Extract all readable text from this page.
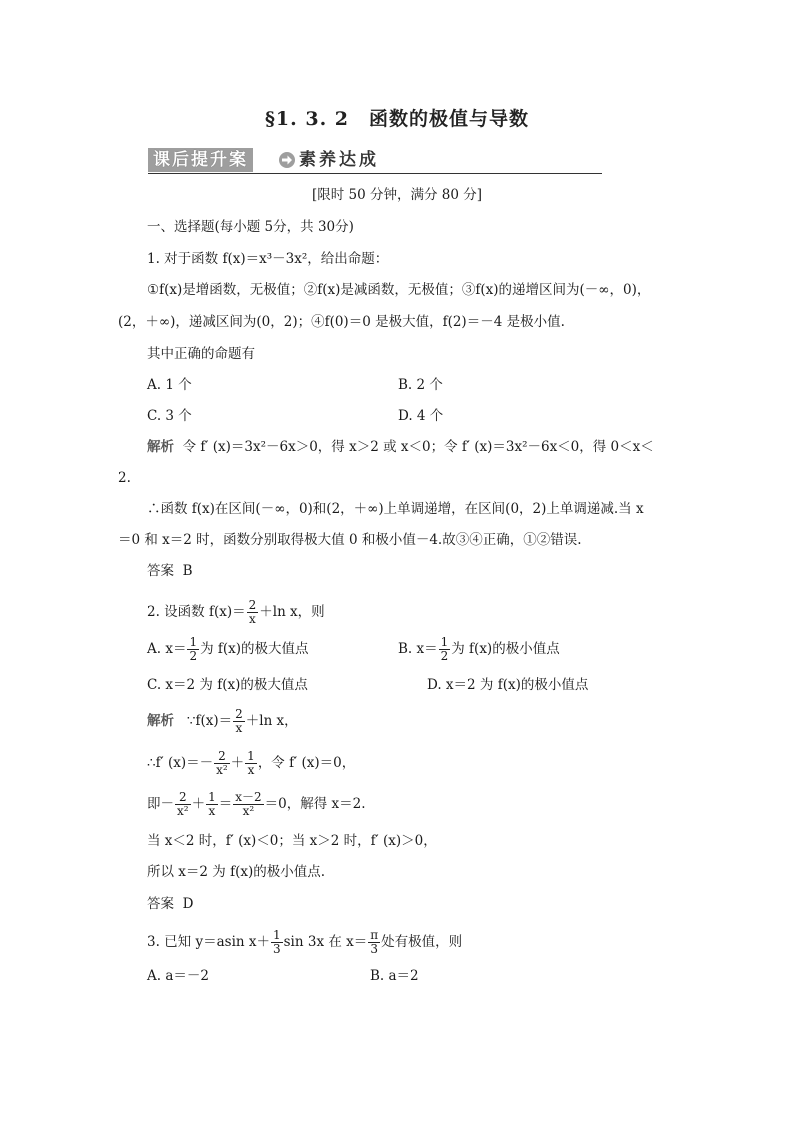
§1. 3. 2　函数的极值与导数
课后提升案	素养达成
[限时 50 分钟，满分 80 分]
一、选择题(每小题 5分，共 30分)
1. 对于函数 f(x)＝x³－3x²，给出命题：
①f(x)是增函数，无极值；②f(x)是减函数，无极值；③f(x)的递增区间为(－∞，0)，
(2，＋∞)，递减区间为(0，2)；④f(0)＝0 是极大值，f(2)＝－4 是极小值.
其中正确的命题有
A. 1 个	B. 2 个
C. 3 个	D. 4 个
解析 令 f′ (x)＝3x²－6x＞0，得 x＞2 或 x＜0；令 f′ (x)＝3x²－6x＜0，得 0＜x＜
2.
∴函数 f(x)在区间(－∞，0)和(2，＋∞)上单调递增，在区间(0，2)上单调递减.当 x
＝0 和 x＝2 时，函数分别取得极大值 0 和极小值－4.故③④正确，①②错误.
答案 B
2. 设函数 $f(x)= \frac{2}{x} +\ln$ x，则
A. $x= \frac{1}{2}$ 为 f(x)的极大值点	B. $x= \frac{1}{2}$ 为 f(x)的极小值点
C. x＝2 为 f(x)的极大值点	D. x＝2 为 f(x)的极小值点
解析 ∵f(x)＝ $\frac{2}{x} +\ln$ x，
∴f′ $(x)=- \frac{2}{\text{x²}} + \frac{1}{x}$ ，令 f′ (x)＝0，
即－ $\frac{2}{\text{x²}} + \frac{1}{x} = \frac{x-2}{\text{x²}} =0$，解得 x＝2.
当 x＜2 时，f′ (x)＜0；当 x＞2 时，f′ (x)＞0，
所以 x＝2 为 f(x)的极小值点.
答案 D
3. 已知 y＝asin $x+ \frac{1}{3}$ sin 3x 在 $x= \frac{\pi}{3}$ 处有极值，则
A. a＝－2	B. a＝2
